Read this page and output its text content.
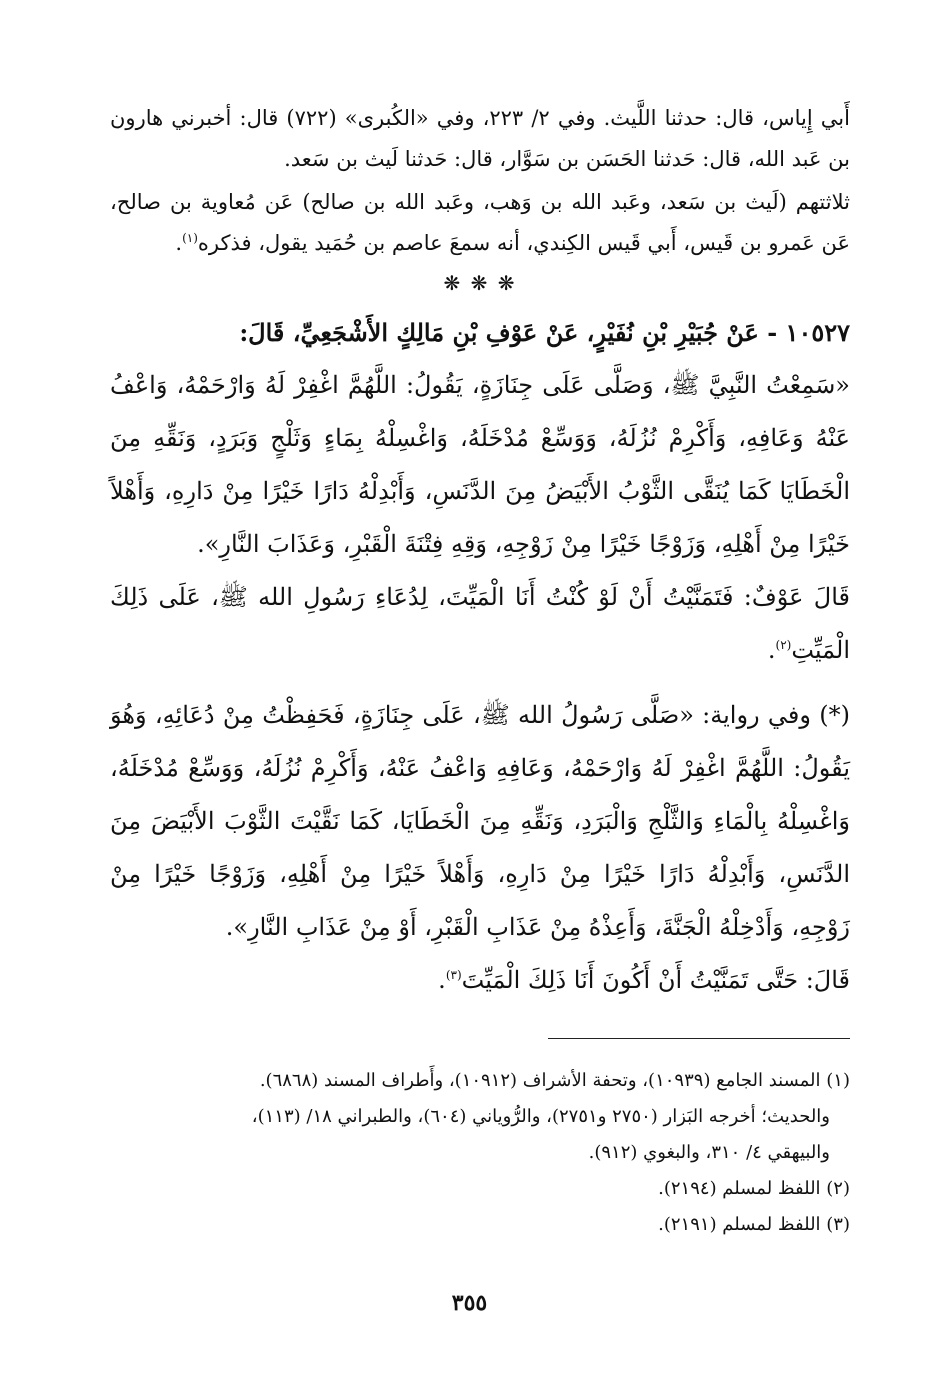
أَبي إِياس، قال: حدثنا اللَّيث. وفي ٢/ ٢٢٣، وفي «الكُبرى» (٧٢٢) قال: أخبرني هارون بن عَبد الله، قال: حَدثنا الحَسَن بن سَوَّار، قال: حَدثنا لَيث بن سَعد.

ثلاثتهم (لَيث بن سَعد، وعَبد الله بن وَهب، وعَبد الله بن صالح) عَن مُعاوية بن صالح، عَن عَمرو بن قَيس، أَبي قَيس الكِندي، أنه سمعَ عاصم بن حُمَيد يقول، فذكره$^{(١)}$.

❋ ❋ ❋

١٠٥٢٧ - عَنْ جُبَيْرِ بْنِ نُفَيْرٍ، عَنْ عَوْفِ بْنِ مَالِكٍ الأَشْجَعِيِّ، قَالَ:

«سَمِعْتُ النَّبِيَّ ﷺ، وَصَلَّى عَلَى جِنَازَةٍ، يَقُولُ: اللَّهُمَّ اغْفِرْ لَهُ وَارْحَمْهُ، وَاعْفُ عَنْهُ وَعَافِهِ، وَأَكْرِمْ نُزُلَهُ، وَوَسِّعْ مُدْخَلَهُ، وَاغْسِلْهُ بِمَاءٍ وَثَلْجٍ وَبَرَدٍ، وَنَقِّهِ مِنَ الْخَطَايَا كَمَا يُنَقَّى الثَّوْبُ الأَبْيَضُ مِنَ الدَّنَسِ، وَأَبْدِلْهُ دَارًا خَيْرًا مِنْ دَارِهِ، وَأَهْلاً خَيْرًا مِنْ أَهْلِهِ، وَزَوْجًا خَيْرًا مِنْ زَوْجِهِ، وَقِهِ فِتْنَةَ الْقَبْرِ، وَعَذَابَ النَّارِ».

قَالَ عَوْفٌ: فَتَمَنَّيْتُ أَنْ لَوْ كُنْتُ أَنَا الْمَيِّتَ، لِدُعَاءِ رَسُولِ الله ﷺ، عَلَى ذَلِكَ الْمَيِّتِ$^{(٢)}$.

(*) وفي رواية: «صَلَّى رَسُولُ الله ﷺ، عَلَى جِنَازَةٍ، فَحَفِظْتُ مِنْ دُعَائِهِ، وَهُوَ يَقُولُ: اللَّهُمَّ اغْفِرْ لَهُ وَارْحَمْهُ، وَعَافِهِ وَاعْفُ عَنْهُ، وَأَكْرِمْ نُزُلَهُ، وَوَسِّعْ مُدْخَلَهُ، وَاغْسِلْهُ بِالْمَاءِ وَالثَّلْجِ وَالْبَرَدِ، وَنَقِّهِ مِنَ الْخَطَايَا، كَمَا نَقَّيْتَ الثَّوْبَ الأَبْيَضَ مِنَ الدَّنَسِ، وَأَبْدِلْهُ دَارًا خَيْرًا مِنْ دَارِهِ، وَأَهْلاً خَيْرًا مِنْ أَهْلِهِ، وَزَوْجًا خَيْرًا مِنْ زَوْجِهِ، وَأَدْخِلْهُ الْجَنَّةَ، وَأَعِذْهُ مِنْ عَذَابِ الْقَبْرِ، أَوْ مِنْ عَذَابِ النَّارِ».

قَالَ: حَتَّى تَمَنَّيْتُ أَنْ أَكُونَ أَنَا ذَلِكَ الْمَيِّتَ$^{(٣)}$.

(١) المسند الجامع (١٠٩٣٩)، وتحفة الأشراف (١٠٩١٢)، وأَطراف المسند (٦٨٦٨).

والحديث؛ أخرجه البَزار (٢٧٥٠ و٢٧٥١)، والرُّوياني (٦٠٤)، والطبراني ١٨/ (١١٣)،

والبيهقي ٤/ ٣١٠، والبغوي (٩١٢).

(٢) اللفظ لمسلم (٢١٩٤).

(٣) اللفظ لمسلم (٢١٩١).

٣٥٥
